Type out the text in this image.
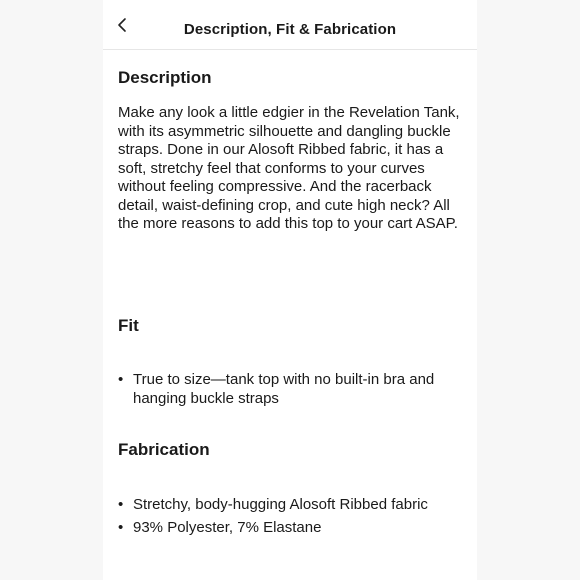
Description, Fit & Fabrication
Description
Make any look a little edgier in the Revelation Tank, with its asymmetric silhouette and dangling buckle straps. Done in our Alosoft Ribbed fabric, it has a soft, stretchy feel that conforms to your curves without feeling compressive. And the racerback detail, waist-defining crop, and cute high neck? All the more reasons to add this top to your cart ASAP.
Fit
• True to size—tank top with no built-in bra and hanging buckle straps
Fabrication
• Stretchy, body-hugging Alosoft Ribbed fabric
• 93% Polyester, 7% Elastane
